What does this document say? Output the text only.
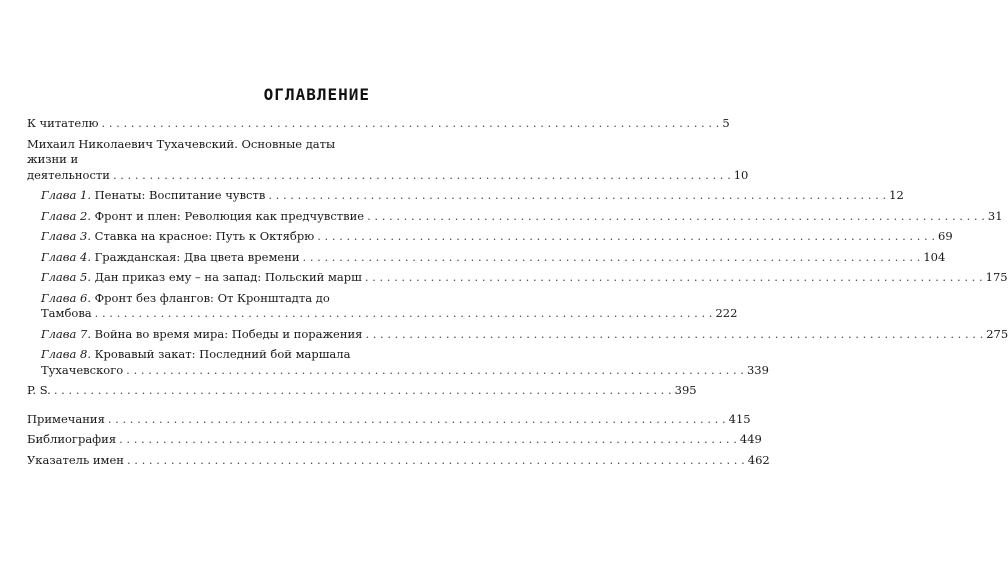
ОГЛАВЛЕНИЕ
К читателю . . .	5
Михаил Николаевич Тухачевский. Основные даты жизни и
деятельности . . .	10
Глава 1. Пенаты: Воспитание чувств . . .	12
Глава 2. Фронт и плен: Революция как предчувствие . . .	31
Глава 3. Ставка на красное: Путь к Октябрю . . .	69
Глава 4. Гражданская: Два цвета времени . . .	104
Глава 5. Дан приказ ему – на запад: Польский марш . . .	175
Глава 6. Фронт без флангов: От Кронштадта до
Тамбова . . .	222
Глава 7. Война во время мира: Победы и поражения . . .	275
Глава 8. Кровавый закат: Последний бой маршала
Тухачевского . . .	339
P. S. . . .	395
Примечания . . .	415
Библиография . . .	449
Указатель имен . . .	462
